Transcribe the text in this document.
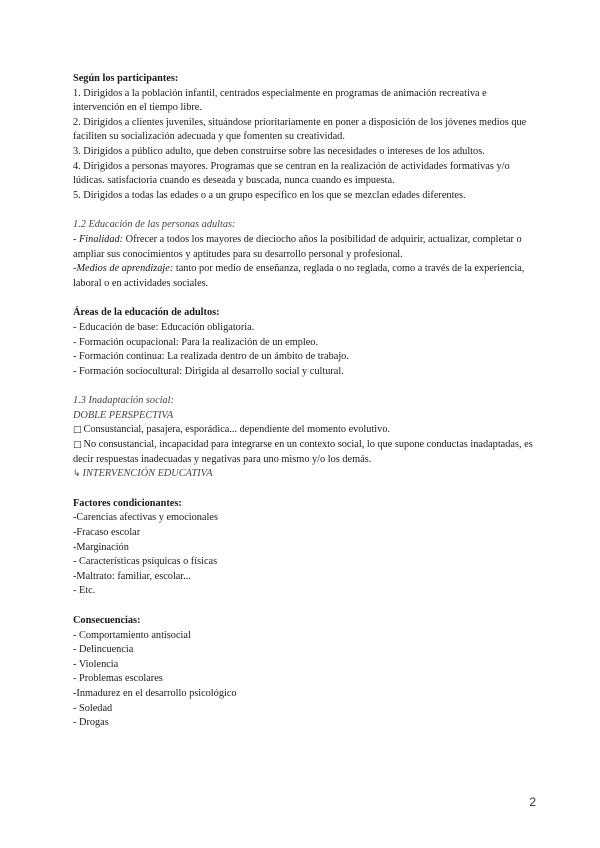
Según los participantes:

1. Dirigidos a la población infantil, centrados especialmente en programas de animación recreativa e intervención en el tiempo libre.

2. Dirigidos a clientes juveniles, situándose prioritariamente en poner a disposición de los jóvenes medios que faciliten su socialización adecuada y que fomenten su creatividad.

3. Dirigidos a público adulto, que deben construirse sobre las necesidades o intereses de los adultos.

4. Dirigidos a personas mayores. Programas que se centran en la realización de actividades formativas y/o lúdicas. satisfactoria cuando es deseada y buscada, nunca cuando es impuesta.

5. Dirigidos a todas las edades o a un grupo específico en los que se mezclan edades diferentes.

1.2 Educación de las personas adultas:

- Finalidad: Ofrecer a todos los mayores de dieciocho años la posibilidad de adquirir, actualizar, completar o ampliar sus conocimientos y aptitudes para su desarrollo personal y profesional.

-Medios de aprendizaje: tanto por medio de enseñanza, reglada o no reglada, como a través de la experiencia, laboral o en actividades sociales.

Áreas de la educación de adultos:

- Educación de base: Educación obligatoria.

- Formación ocupacional: Para la realización de un empleo.

- Formación continua: La realizada dentro de un ámbito de trabajo.

- Formación sociocultural: Dirigida al desarrollo social y cultural.

1.3 Inadaptación social:

DOBLE PERSPECTIVA

□ Consustancial, pasajera, esporádica... dependiente del momento evolutivo.

□ No consustancial, incapacidad para integrarse en un contexto social, lo que supone conductas inadaptadas, es decir respuestas inadecuadas y negativas para uno mismo y/o los demás.

↳ INTERVENCIÓN EDUCATIVA

Factores condicionantes:

-Carencias afectivas y emocionales

-Fracaso escolar

-Marginación

- Características psíquicas o físicas

-Maltrato: familiar, escolar...

- Etc.

Consecuencias:

- Comportamiento antisocial

- Delincuencia

- Violencia

- Problemas escolares

-Inmadurez en el desarrollo psicológico

- Soledad

- Drogas

2
